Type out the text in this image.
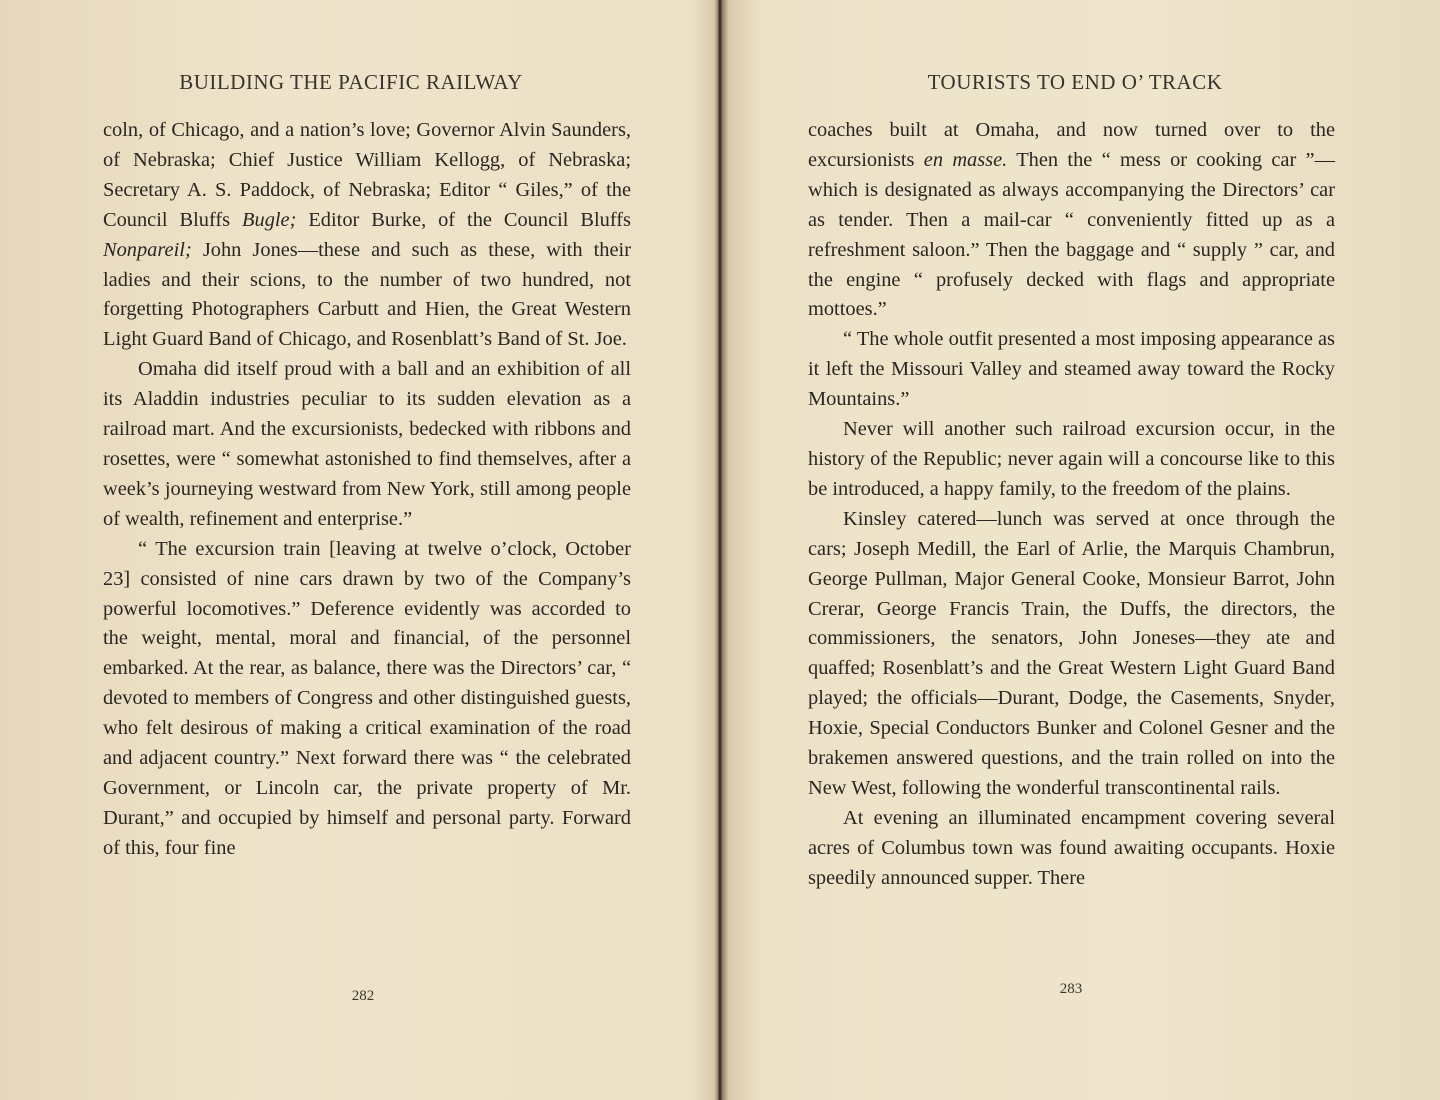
BUILDING THE PACIFIC RAILWAY

coln, of Chicago, and a nation’s love; Governor Alvin Saunders, of Nebraska; Chief Justice William Kellogg, of Nebraska; Secretary A. S. Paddock, of Nebraska; Editor “ Giles,” of the Council Bluffs Bugle; Editor Burke, of the Council Bluffs Nonpareil; John Jones—these and such as these, with their ladies and their scions, to the number of two hundred, not forgetting Photographers Carbutt and Hien, the Great Western Light Guard Band of Chicago, and Rosenblatt’s Band of St. Joe.

Omaha did itself proud with a ball and an exhibition of all its Aladdin industries peculiar to its sudden elevation as a railroad mart. And the excursionists, bedecked with ribbons and rosettes, were “ somewhat astonished to find themselves, after a week’s journeying westward from New York, still among people of wealth, refinement and enterprise.”

“ The excursion train [leaving at twelve o’clock, October 23] consisted of nine cars drawn by two of the Company’s powerful locomotives.” Deference evidently was accorded to the weight, mental, moral and financial, of the personnel embarked. At the rear, as balance, there was the Directors’ car, “ devoted to members of Congress and other distinguished guests, who felt desirous of making a critical examination of the road and adjacent country.” Next forward there was “ the celebrated Government, or Lincoln car, the private property of Mr. Durant,” and occupied by himself and personal party. Forward of this, four fine

282
TOURISTS TO END O’ TRACK

coaches built at Omaha, and now turned over to the excursionists en masse. Then the “ mess or cooking car ”—which is designated as always accompanying the Directors’ car as tender. Then a mail-car “ conveniently fitted up as a refreshment saloon.” Then the baggage and “ supply ” car, and the engine “ profusely decked with flags and appropriate mottoes.”

“ The whole outfit presented a most imposing appearance as it left the Missouri Valley and steamed away toward the Rocky Mountains.”

Never will another such railroad excursion occur, in the history of the Republic; never again will a concourse like to this be introduced, a happy family, to the freedom of the plains.

Kinsley catered—lunch was served at once through the cars; Joseph Medill, the Earl of Arlie, the Marquis Chambrun, George Pullman, Major General Cooke, Monsieur Barrot, John Crerar, George Francis Train, the Duffs, the directors, the commissioners, the senators, John Joneses—they ate and quaffed; Rosenblatt’s and the Great Western Light Guard Band played; the officials—Durant, Dodge, the Casements, Snyder, Hoxie, Special Conductors Bunker and Colonel Gesner and the brakemen answered questions, and the train rolled on into the New West, following the wonderful transcontinental rails.

At evening an illuminated encampment covering several acres of Columbus town was found awaiting occupants. Hoxie speedily announced supper. There

283
